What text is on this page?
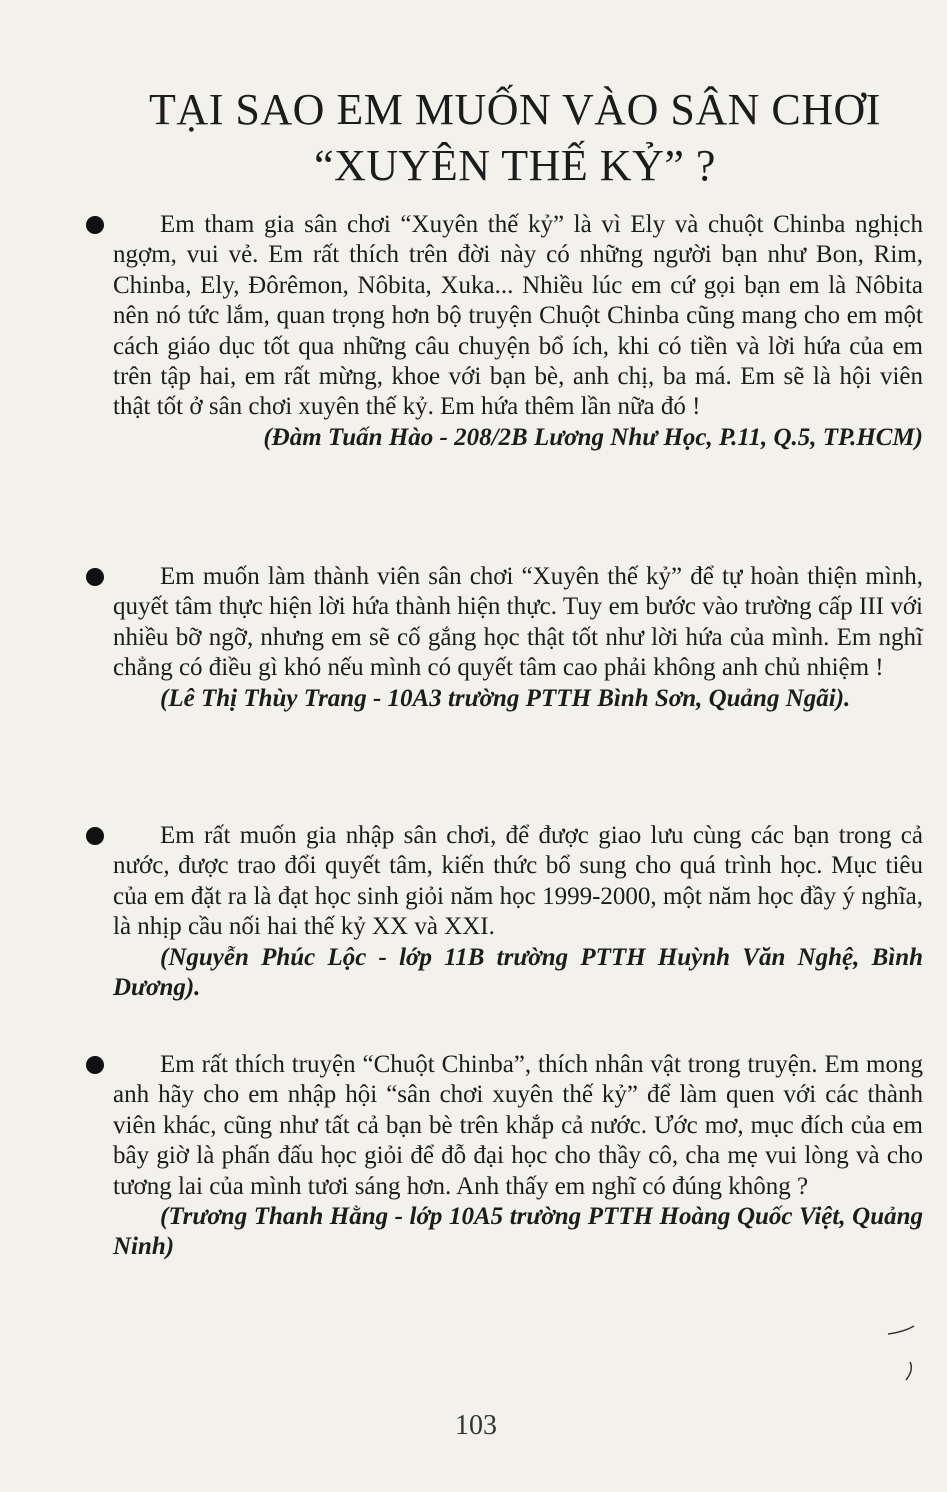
TẠI SAO EM MUỐN VÀO SÂN CHƠI
“XUYÊN THẾ KỶ” ?

Em tham gia sân chơi “Xuyên thế kỷ” là vì Ely và chuột Chinba nghịch ngợm, vui vẻ. Em rất thích trên đời này có những người bạn như Bon, Rim, Chinba, Ely, Đôrêmon, Nôbita, Xuka... Nhiều lúc em cứ gọi bạn em là Nôbita nên nó tức lắm, quan trọng hơn bộ truyện Chuột Chinba cũng mang cho em một cách giáo dục tốt qua những câu chuyện bổ ích, khi có tiền và lời hứa của em trên tập hai, em rất mừng, khoe với bạn bè, anh chị, ba má. Em sẽ là hội viên thật tốt ở sân chơi xuyên thế kỷ. Em hứa thêm lần nữa đó !

(Đàm Tuấn Hào - 208/2B Lương Như Học, P.11, Q.5, TP.HCM)

Em muốn làm thành viên sân chơi “Xuyên thế kỷ” để tự hoàn thiện mình, quyết tâm thực hiện lời hứa thành hiện thực. Tuy em bước vào trường cấp III với nhiều bỡ ngỡ, nhưng em sẽ cố gắng học thật tốt như lời hứa của mình. Em nghĩ chẳng có điều gì khó nếu mình có quyết tâm cao phải không anh chủ nhiệm !

(Lê Thị Thùy Trang - 10A3 trường PTTH Bình Sơn, Quảng Ngãi).

Em rất muốn gia nhập sân chơi, để được giao lưu cùng các bạn trong cả nước, được trao đổi quyết tâm, kiến thức bổ sung cho quá trình học. Mục tiêu của em đặt ra là đạt học sinh giỏi năm học 1999-2000, một năm học đầy ý nghĩa, là nhịp cầu nối hai thế kỷ XX và XXI.

(Nguyễn Phúc Lộc - lớp 11B trường PTTH Huỳnh Văn Nghệ, Bình Dương).

Em rất thích truyện “Chuột Chinba”, thích nhân vật trong truyện. Em mong anh hãy cho em nhập hội “sân chơi xuyên thế kỷ” để làm quen với các thành viên khác, cũng như tất cả bạn bè trên khắp cả nước. Ước mơ, mục đích của em bây giờ là phấn đấu học giỏi để đỗ đại học cho thầy cô, cha mẹ vui lòng và cho tương lai của mình tươi sáng hơn. Anh thấy em nghĩ có đúng không ?

(Trương Thanh Hằng - lớp 10A5 trường PTTH Hoàng Quốc Việt, Quảng Ninh)

103
